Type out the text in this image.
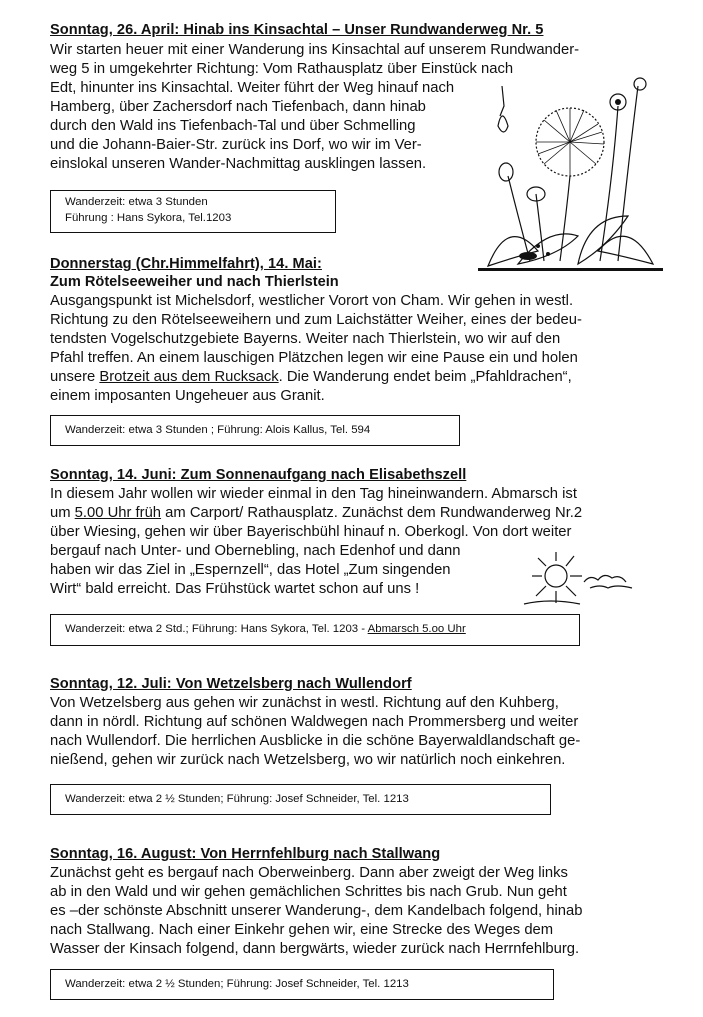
Sonntag, 26. April: Hinab ins Kinsachtal – Unser Rundwanderweg Nr. 5
Wir starten heuer mit einer Wanderung ins Kinsachtal auf unserem Rundwander-
weg 5 in umgekehrter Richtung: Vom Rathausplatz über Einstück nach
Edt, hinunter ins Kinsachtal. Weiter führt der Weg hinauf nach
Hamberg, über Zachersdorf nach Tiefenbach, dann hinab
durch den Wald ins Tiefenbach-Tal und über Schmelling
und die Johann-Baier-Str. zurück ins Dorf, wo wir im Ver-
einslokal unseren Wander-Nachmittag ausklingen lassen.
Wanderzeit: etwa 3 Stunden
Führung : Hans Sykora, Tel.1203
Donnerstag (Chr.Himmelfahrt), 14. Mai:
Zum Rötelseeweiher und nach Thierlstein
Ausgangspunkt ist Michelsdorf, westlicher Vorort von Cham. Wir gehen in westl.
Richtung zu den Rötelseeweihern und zum Laichstätter Weiher, eines der bedeu-
tendsten Vogelschutzgebiete Bayerns. Weiter nach Thierlstein, wo wir auf den
Pfahl treffen. An einem lauschigen Plätzchen legen wir eine Pause ein und holen
unsere Brotzeit aus dem Rucksack. Die Wanderung endet beim „Pfahldrachen“,
einem imposanten Ungeheuer aus Granit.
Wanderzeit: etwa 3 Stunden ; Führung: Alois Kallus, Tel. 594
Sonntag, 14. Juni: Zum Sonnenaufgang nach Elisabethszell
In diesem Jahr wollen wir wieder einmal in den Tag hineinwandern. Abmarsch ist
um 5.00 Uhr früh am Carport/ Rathausplatz. Zunächst dem Rundwanderweg Nr.2
über Wiesing, gehen wir über Bayerischbühl hinauf n. Oberkogl. Von dort weiter
bergauf nach Unter- und Obernebling, nach Edenhof und dann
haben wir das Ziel in „Espernzell“, das Hotel „Zum singenden
Wirt“ bald erreicht. Das Frühstück wartet schon auf uns !
Wanderzeit: etwa 2 Std.; Führung: Hans Sykora, Tel. 1203 - Abmarsch 5.oo Uhr
Sonntag, 12. Juli: Von Wetzelsberg nach Wullendorf
Von Wetzelsberg aus gehen wir zunächst in westl. Richtung auf den Kuhberg,
dann in nördl. Richtung auf schönen Waldwegen nach Prommersberg und weiter
nach Wullendorf. Die herrlichen Ausblicke in die schöne Bayerwaldlandschaft ge-
nießend, gehen wir zurück nach Wetzelsberg, wo wir natürlich noch einkehren.
Wanderzeit: etwa 2 ½ Stunden; Führung: Josef Schneider, Tel. 1213
Sonntag, 16. August: Von Herrnfehlburg nach Stallwang
Zunächst geht es bergauf nach Oberweinberg. Dann aber zweigt der Weg links
ab in den Wald und wir gehen gemächlichen Schrittes bis nach Grub. Nun geht
es –der schönste Abschnitt unserer Wanderung-, dem Kandelbach folgend, hinab
nach Stallwang. Nach einer Einkehr gehen wir, eine Strecke des Weges dem
Wasser der Kinsach folgend, dann bergwärts, wieder zurück nach Herrnfehlburg.
Wanderzeit: etwa 2 ½ Stunden; Führung: Josef Schneider, Tel. 1213
